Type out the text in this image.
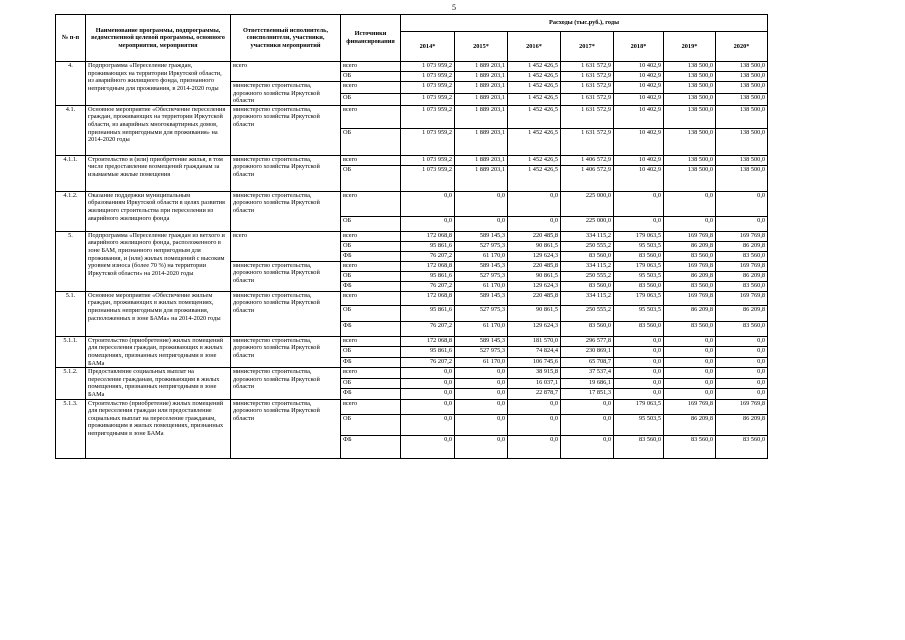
5
№ п-п	Наименование программы, подпрограммы, ведомственной целевой программы, основного мероприятия, мероприятия	Ответственный исполнитель, соисполнители, участники, участники мероприятий	Источники финансирования	Расходы (тыс.руб.), годы						
				2014*	2015*	2016*	2017*	2018*	2019*	2020*
4.	Подпрограмма «Переселение граждан, проживающих на территории Иркутской области, из аварийного жилищного фонда, признанного непригодным для проживания, в 2014-2020 годы	всего	всего	1 073 959,2	1 889 203,1	1 452 426,5	1 631 572,9	10 402,9	138 500,0	138 500,0
			ОБ	1 073 959,2	1 889 203,1	1 452 426,5	1 631 572,9	10 402,9	138 500,0	138 500,0
		министерство строительства, дорожного хозяйства Иркутской области	всего	1 073 959,2	1 889 203,1	1 452 426,5	1 631 572,9	10 402,9	138 500,0	138 500,0
			ОБ	1 073 959,2	1 889 203,1	1 452 426,5	1 631 572,9	10 402,9	138 500,0	138 500,0
4.1.	Основное мероприятие «Обеспечение переселения граждан, проживающих на территории Иркутской области, из аварийных многоквартирных домов, признанных непригодными для проживания» на 2014-2020 годы	министерство строительства, дорожного хозяйства Иркутской области	всего	1 073 959,2	1 889 203,1	1 452 426,5	1 631 572,9	10 402,9	138 500,0	138 500,0
			ОБ	1 073 959,2	1 889 203,1	1 452 426,5	1 631 572,9	10 402,9	138 500,0	138 500,0
4.1.1.	Строительство и (или) приобретение жилья, в том числе предоставление возмещений гражданам за изымаемые жилые помещения	министерство строительства, дорожного хозяйства Иркутской области	всего	1 073 959,2	1 889 203,1	1 452 426,5	1 406 572,9	10 402,9	138 500,0	138 500,0
			ОБ	1 073 959,2	1 889 203,1	1 452 426,5	1 406 572,9	10 402,9	138 500,0	138 500,0
4.1.2.	Оказание поддержки муниципальным образованиям Иркутской области в целях развития жилищного строительства при переселении из аварийного жилищного фонда	министерство строительства, дорожного хозяйства Иркутской области	всего	0,0	0,0	0,0	225 000,0	0,0	0,0	0,0
			ОБ	0,0	0,0	0,0	225 000,0	0,0	0,0	0,0
5.	Подпрограмма «Переселение граждан из ветхого и аварийного жилищного фонда, расположенного в зоне БАМ, признанного непригодным для проживания, и (или) жилых помещений с высоким уровнем износа (более 70 %) на территории Иркутской области» на 2014-2020 годы	всего	всего	172 068,8	589 145,3	220 485,8	334 115,2	179 063,5	169 769,8	169 769,8
			ОБ	95 861,6	527 975,3	90 861,5	250 555,2	95 503,5	86 209,8	86 209,8
			ФБ	76 207,2	61 170,0	129 624,3	83 560,0	83 560,0	83 560,0	83 560,0
		министерство строительства, дорожного хозяйства Иркутской области	всего	172 068,8	589 145,3	220 485,8	334 115,2	179 063,5	169 769,8	169 769,8
			ОБ	95 861,6	527 975,3	90 861,5	250 555,2	95 503,5	86 209,8	86 209,8
			ФБ	76 207,2	61 170,0	129 624,3	83 560,0	83 560,0	83 560,0	83 560,0
5.1.	Основное мероприятие «Обеспечение жильем граждан, проживающих в жилых помещениях, признанных непригодными для проживания, расположенных в зоне БАМа» на 2014-2020 годы	министерство строительства, дорожного хозяйства Иркутской области	всего	172 068,8	589 145,3	220 485,8	334 115,2	179 063,5	169 769,8	169 769,8
			ОБ	95 861,6	527 975,3	90 861,5	250 555,2	95 503,5	86 209,8	86 209,8
			ФБ	76 207,2	61 170,0	129 624,3	83 560,0	83 560,0	83 560,0	83 560,0
5.1.1.	Строительство (приобретение) жилых помещений для переселения граждан, проживающих в жилых помещениях, признанных непригодными в зоне БАМа	министерство строительства, дорожного хозяйства Иркутской области	всего	172 068,8	589 145,3	181 570,0	296 577,8	0,0	0,0	0,0
			ОБ	95 861,6	527 975,3	74 824,4	230 869,1	0,0	0,0	0,0
			ФБ	76 207,2	61 170,0	106 745,6	65 708,7	0,0	0,0	0,0
5.1.2.	Предоставление социальных выплат на переселение гражданам, проживающим в жилых помещениях, признанных непригодными в зоне БАМа	министерство строительства, дорожного хозяйства Иркутской области	всего	0,0	0,0	38 915,8	37 537,4	0,0	0,0	0,0
			ОБ	0,0	0,0	16 037,1	19 686,1	0,0	0,0	0,0
			ФБ	0,0	0,0	22 878,7	17 851,3	0,0	0,0	0,0
5.1.3.	Строительство (приобретение) жилых помещений для переселения граждан или предоставление социальных выплат на переселение гражданам, проживающим в жилых помещениях, признанных непригодными в зоне БАМа	министерство строительства, дорожного хозяйства Иркутской области	всего	0,0	0,0	0,0	0,0	179 063,5	169 769,8	169 769,8
			ОБ	0,0	0,0	0,0	0,0	95 503,5	86 209,8	86 209,8
			ФБ	0,0	0,0	0,0	0,0	83 560,0	83 560,0	83 560,0
